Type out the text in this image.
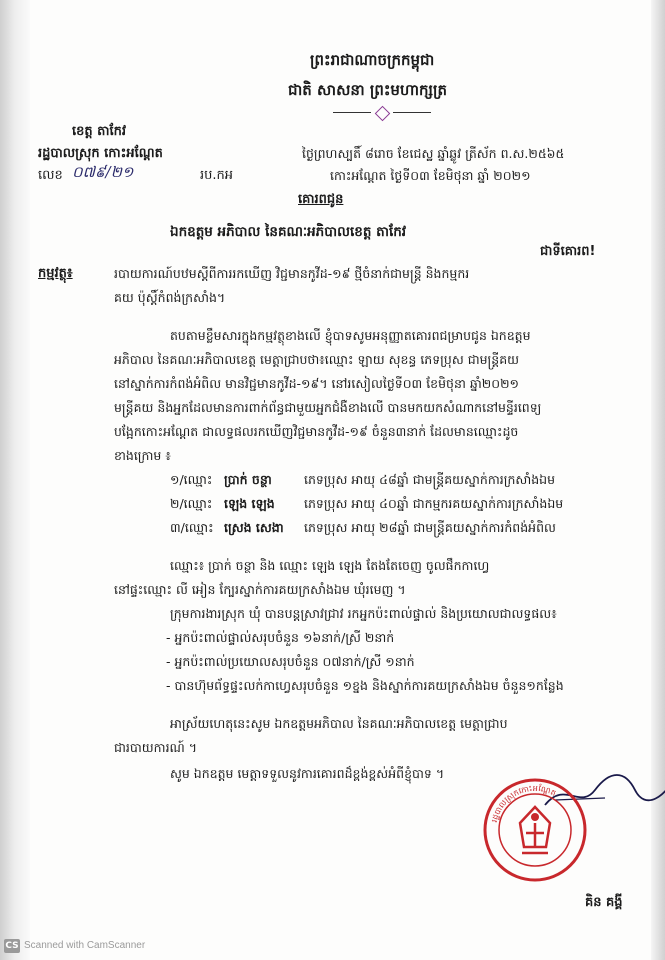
ព្រះរាជាណាចក្រកម្ពុជា
ជាតិ សាសនា ព្រះមហាក្សត្រ
ខេត្ត តាកែវ
រដ្ឋបាលស្រុក កោះអណ្តែត
លេខ ០៧៩/២១	រប.កអ
ថ្ងៃព្រហស្បតិ៍ ៨រោច ខែជេស្ឋ ឆ្នាំឆ្លូវ ត្រីស័ក ព.ស.២៥៦៥
កោះអណ្តែត ថ្ងៃទី០៣ ខែមិថុនា ឆ្នាំ ២០២១
គោរពជូន
ឯកឧត្តម អភិបាល នៃគណៈអភិបាលខេត្ត តាកែវ
ជាទីគោរព!
កម្មវត្ថុ៖	របាយការណ៍បឋមស្តីពីការរកឃើញ វិជ្ជមានកូវីដ-១៩ ថ្មីចំនាក់ជាមន្ត្រី និងកម្មករ
គយ ប៉ុស្តិ៍កំពង់ក្រសាំង។
តបតាមខ្លឹមសារក្នុងកម្មវត្ថុខាងលើ ខ្ញុំបាទសូមអនុញ្ញាតគោរពជម្រាបជូន ឯកឧត្តម
អភិបាល នៃគណៈអភិបាលខេត្ត មេត្តាជ្រាបថា៖ឈ្មោះ ឡាយ សុខន្ធ ភេទប្រុស ជាមន្ត្រីគយ
នៅស្នាក់ការកំពង់អំពិល មានវិជ្ជមានកូវីដ-១៩។ នៅរសៀលថ្ងៃទី០៣ ខែមិថុនា ឆ្នាំ២០២១
មន្ត្រីគយ និងអ្នកដែលមានការពាក់ព័ន្ធជាមួយអ្នកជំងឺខាងលើ បានមកយកសំណាកនៅមន្ទីរពេទ្យ
បង្អែកកោះអណ្តែត ជាលទ្ធផលរកឃើញវិជ្ជមានកូវីដ-១៩ ចំនួន៣នាក់ ដែលមានឈ្មោះដូច
ខាងក្រោម ៖
១/ឈ្មោះ ប្រាក់ ចន្ថា	ភេទប្រុស អាយុ ៤៨ឆ្នាំ ជាមន្ត្រីគយស្នាក់ការក្រសាំងឯម
២/ឈ្មោះ ឡេង ឡេង ភេទប្រុស អាយុ ៤០ឆ្នាំ ជាកម្មករគយស្នាក់ការក្រសាំងឯម
៣/ឈ្មោះ ស្រេង សេងា ភេទប្រុស អាយុ ២៨ឆ្នាំ ជាមន្ត្រីគយស្នាក់ការកំពង់អំពិល
ឈ្មោះ៖ ប្រាក់ ចន្ថា និង ឈ្មោះ ឡេង ឡេង តែងតែចេញ ចូលផឹកកាហ្វេ
នៅផ្ទះឈ្មោះ លី អៀន ក្បែរស្នាក់ការគយក្រសាំងឯម ឃុំរមេញ ។
ក្រុមការងារស្រុក ឃុំ បានបន្តស្រាវជ្រាវ រកអ្នកប៉ះពាល់ផ្ទាល់ និងប្រយោលជាលទ្ធផល៖
- អ្នកប៉ះពាល់ផ្ទាល់សរុបចំនួន ១៦នាក់/ស្រី ២នាក់
- អ្នកប៉ះពាល់ប្រយោលសរុបចំនួន ០៧នាក់/ស្រី ១នាក់
- បានហ៊ុមព័ទ្ធផ្ទះលក់កាហ្វេសរុបចំនួន ១ខ្នង និងស្នាក់ការគយក្រសាំងឯម ចំនួន១កន្លែង
អាស្រ័យហេតុនេះសូម ឯកឧត្តមអភិបាល នៃគណៈអភិបាលខេត្ត មេត្តាជ្រាប
ជារបាយការណ៍ ។
សូម ឯកឧត្តម មេត្តាទទួលនូវការគោរពដ៏ខ្ពង់ខ្ពស់អំពីខ្ញុំបាទ ។
រដ្ឋបាលស្រុកកោះអណ្តែត
គិន គង្គី
CS Scanned with CamScanner
